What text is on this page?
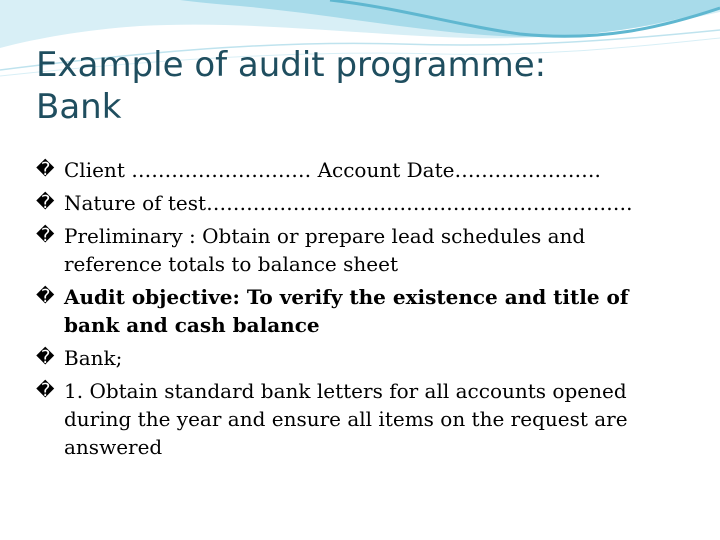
Example of audit programme:
Bank
� Client ……………………… Account Date………………….
� Nature of test……………………………………………………….
� Preliminary : Obtain or prepare lead schedules and reference totals to balance sheet
� Audit objective: To verify the existence and title of bank and cash balance
� Bank;
� 1. Obtain standard bank letters for all accounts opened during the year and ensure all items on the request are answered
